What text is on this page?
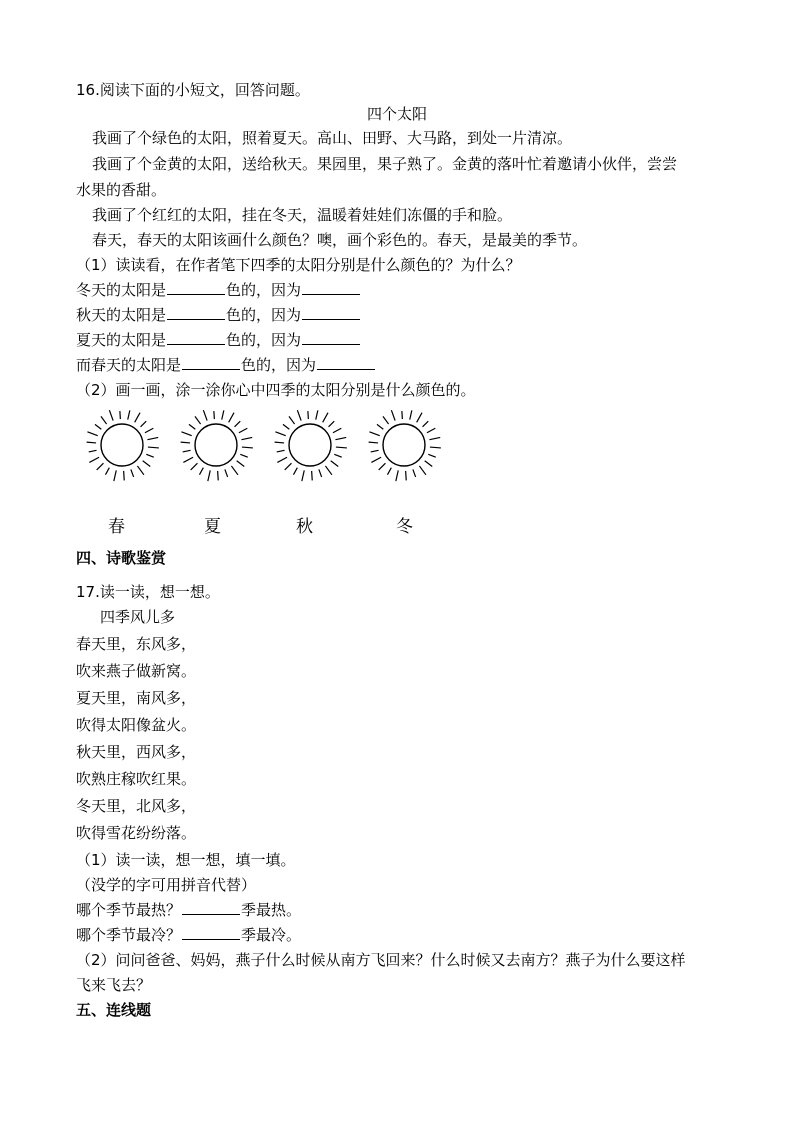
16.阅读下面的小短文，回答问题。
四个太阳
我画了个绿色的太阳，照着夏天。高山、田野、大马路，到处一片清凉。
我画了个金黄的太阳，送给秋天。果园里，果子熟了。金黄的落叶忙着邀请小伙伴，尝尝
水果的香甜。
我画了个红红的太阳，挂在冬天，温暖着娃娃们冻僵的手和脸。
春天，春天的太阳该画什么颜色？噢，画个彩色的。春天，是最美的季节。
（1）读读看，在作者笔下四季的太阳分别是什么颜色的？为什么？
冬天的太阳是	色的，因为
秋天的太阳是	色的，因为
夏天的太阳是	色的，因为
而春天的太阳是	色的，因为
（2）画一画，涂一涂你心中四季的太阳分别是什么颜色的。
春	夏	秋	冬
四、诗歌鉴赏
17.读一读，想一想。
四季风儿多
春天里，东风多，
吹来燕子做新窝。
夏天里，南风多，
吹得太阳像盆火。
秋天里，西风多，
吹熟庄稼吹红果。
冬天里，北风多，
吹得雪花纷纷落。
（1）读一读，想一想，填一填。
（没学的字可用拼音代替）
哪个季节最热？	季最热。
哪个季节最冷？	季最冷。
（2）问问爸爸、妈妈，燕子什么时候从南方飞回来？什么时候又去南方？燕子为什么要这样
飞来飞去？
五、连线题
